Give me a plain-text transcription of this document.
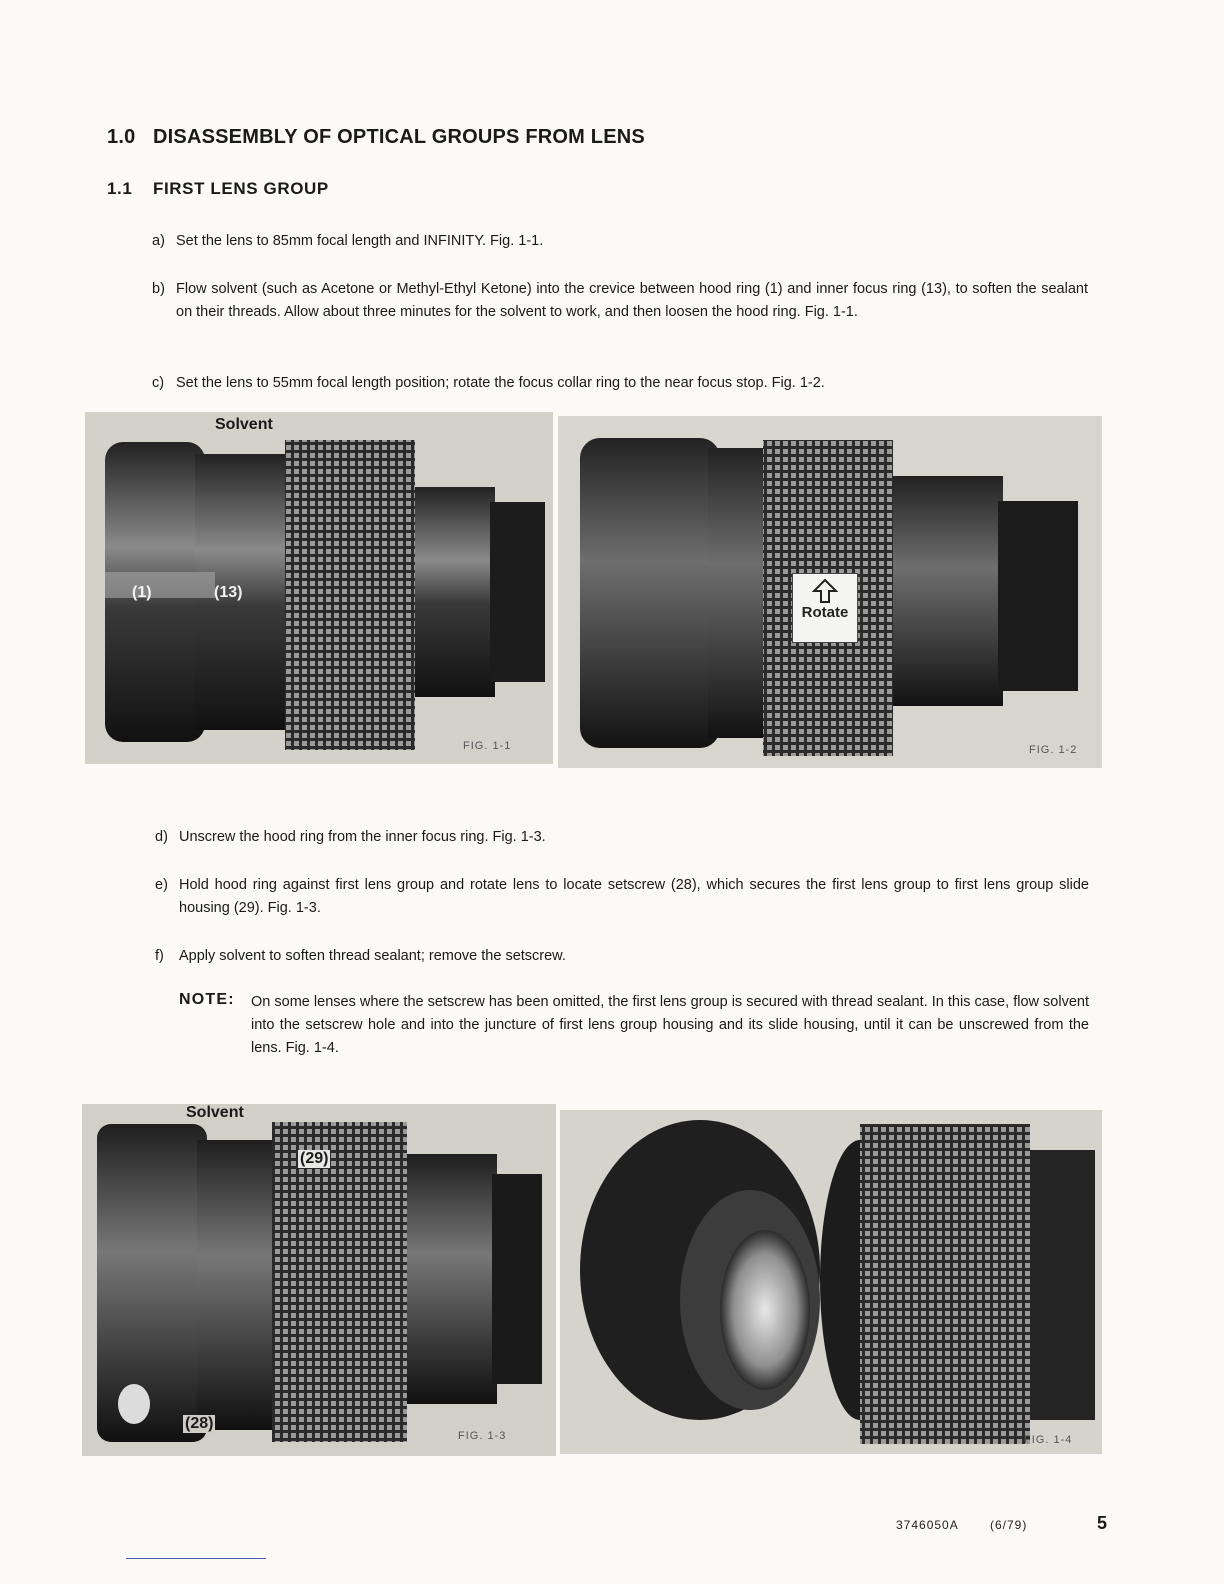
1.0 DISASSEMBLY OF OPTICAL GROUPS FROM LENS
1.1 FIRST LENS GROUP
a) Set the lens to 85mm focal length and INFINITY. Fig. 1-1.
b) Flow solvent (such as Acetone or Methyl-Ethyl Ketone) into the crevice between hood ring (1) and inner focus ring (13), to soften the sealant on their threads. Allow about three minutes for the solvent to work, and then loosen the hood ring. Fig. 1-1.
c) Set the lens to 55mm focal length position; rotate the focus collar ring to the near focus stop. Fig. 1-2.
Solvent
(1)	(13)
FIG. 1-1
Rotate
FIG. 1-2
d) Unscrew the hood ring from the inner focus ring. Fig. 1-3.
e) Hold hood ring against first lens group and rotate lens to locate setscrew (28), which secures the first lens group to first lens group slide housing (29). Fig. 1-3.
f) Apply solvent to soften thread sealant; remove the setscrew.
NOTE: On some lenses where the setscrew has been omitted, the first lens group is secured with thread sealant. In this case, flow solvent into the setscrew hole and into the juncture of first lens group housing and its slide housing, until it can be unscrewed from the lens. Fig. 1-4.
Solvent
(29)
(28)
FIG. 1-3	FIG. 1-4
3746050A	(6/79)	5
